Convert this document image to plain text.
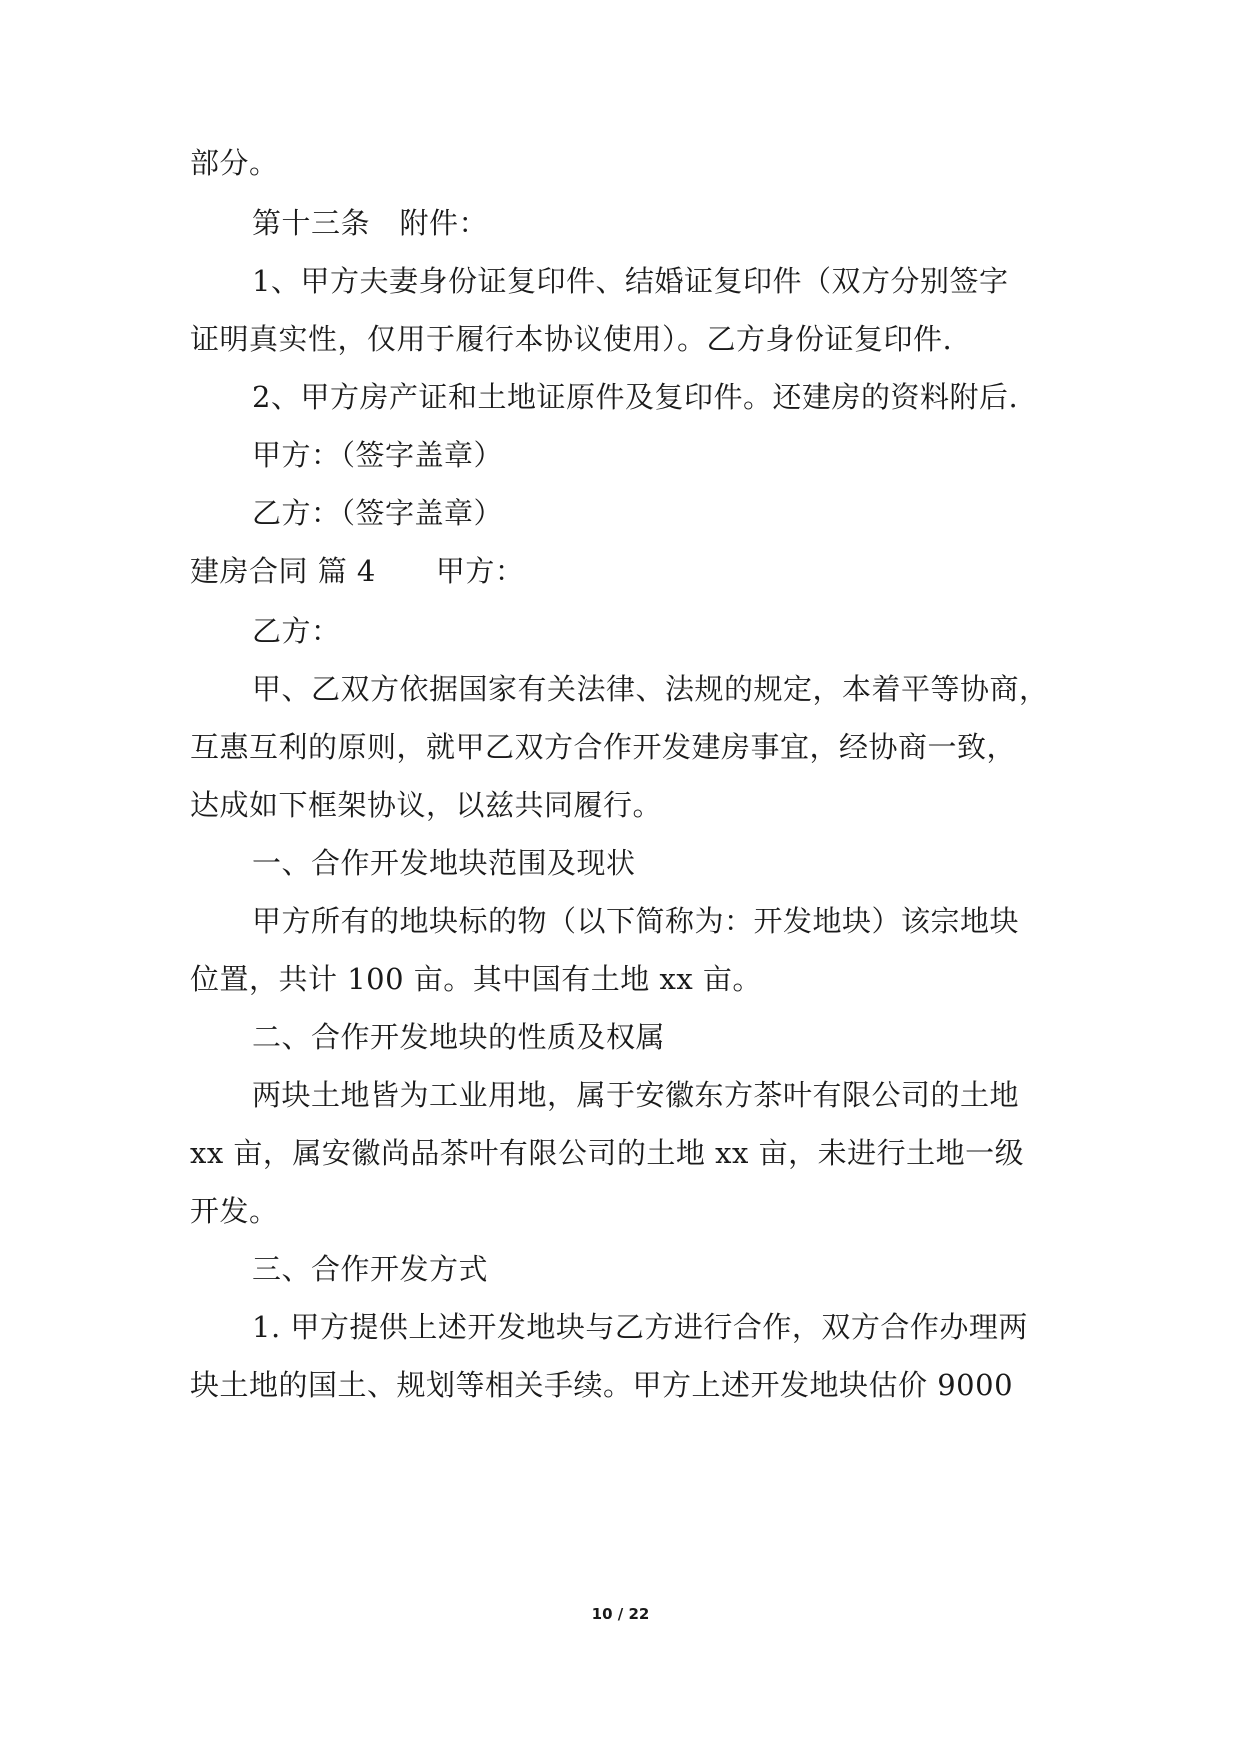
部分。
第十三条　附件：
1、甲方夫妻身份证复印件、结婚证复印件（双方分别签字
证明真实性，仅用于履行本协议使用）。乙方身份证复印件.
2、甲方房产证和土地证原件及复印件。还建房的资料附后.
甲方：（签字盖章）
乙方：（签字盖章）
建房合同 篇 4 甲方：
乙方：
甲、乙双方依据国家有关法律、法规的规定，本着平等协商，
互惠互利的原则，就甲乙双方合作开发建房事宜，经协商一致，
达成如下框架协议，以兹共同履行。
一、合作开发地块范围及现状
甲方所有的地块标的物（以下简称为：开发地块）该宗地块
位置，共计 100 亩。其中国有土地 xx 亩。
二、合作开发地块的性质及权属
两块土地皆为工业用地，属于安徽东方茶叶有限公司的土地
xx 亩，属安徽尚品茶叶有限公司的土地 xx 亩，未进行土地一级
开发。
三、合作开发方式
1. 甲方提供上述开发地块与乙方进行合作，双方合作办理两
块土地的国土、规划等相关手续。甲方上述开发地块估价 9000
10 / 22
